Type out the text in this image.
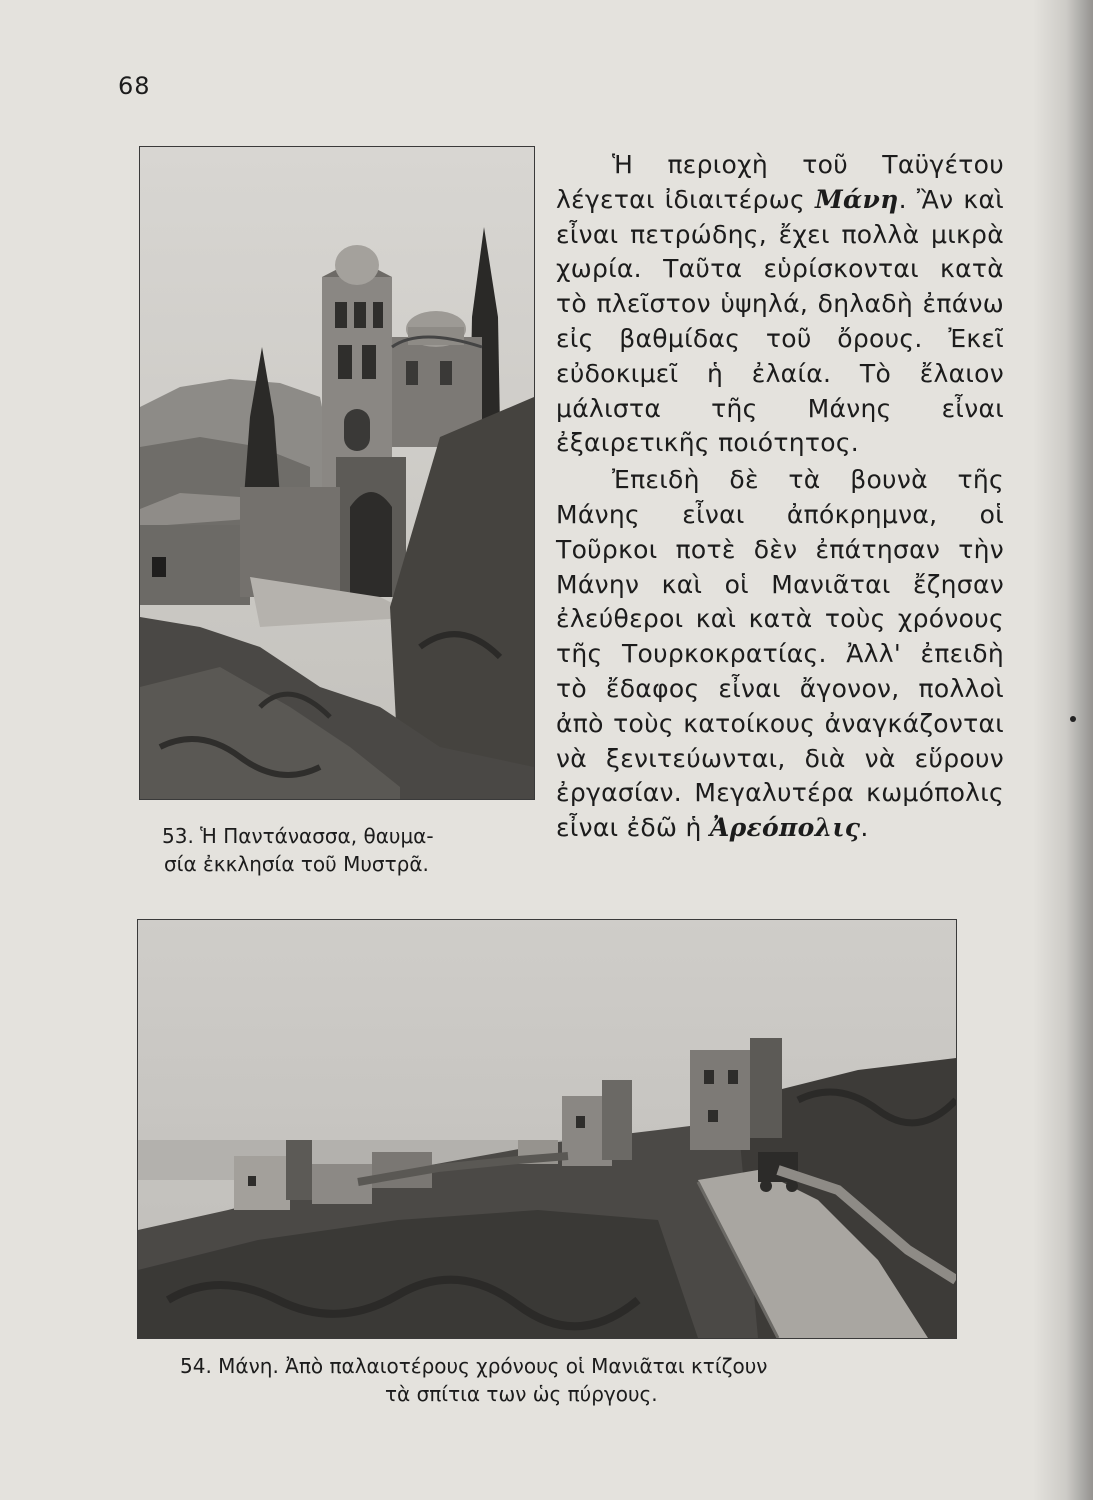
68

Ἡ περιοχὴ τοῦ Ταϋγέτου λέγεται ἰδιαιτέρως Μάνη. Ἂν καὶ εἶναι πετρώδης, ἔχει πολλὰ μικρὰ χωρία. Ταῦτα εὑρίσκονται κατὰ τὸ πλεῖστον ὑψηλά, δηλαδὴ ἐπάνω εἰς βαθμίδας τοῦ ὄρους. Ἐκεῖ εὐδοκιμεῖ ἡ ἐλαία. Τὸ ἔλαιον μάλιστα τῆς Μάνης εἶναι ἐξαιρετικῆς ποιότητος.

Ἐπειδὴ δὲ τὰ βουνὰ τῆς Μάνης εἶναι ἀπόκρημνα, οἱ Τοῦρκοι ποτὲ δὲν ἐπάτησαν τὴν Μάνην καὶ οἱ Μανιᾶται ἔζησαν ἐλεύθεροι καὶ κατὰ τοὺς χρόνους τῆς Τουρκοκρατίας. Ἀλλ' ἐπειδὴ τὸ ἔδαφος εἶναι ἄγονον, πολλοὶ ἀπὸ τοὺς κατοίκους ἀναγκάζονται νὰ ξενιτεύωνται, διὰ νὰ εὕρουν ἐργασίαν. Μεγαλυτέρα κωμόπολις εἶναι ἐδῶ ἡ Ἀρεόπολις.

53. Ἡ Παντάνασσα, θαυμα-
σία ἐκκλησία τοῦ Μυστρᾶ.
54. Μάνη. Ἀπὸ παλαιοτέρους χρόνους οἱ Μανιᾶται κτίζουν
τὰ σπίτια των ὡς πύργους.
